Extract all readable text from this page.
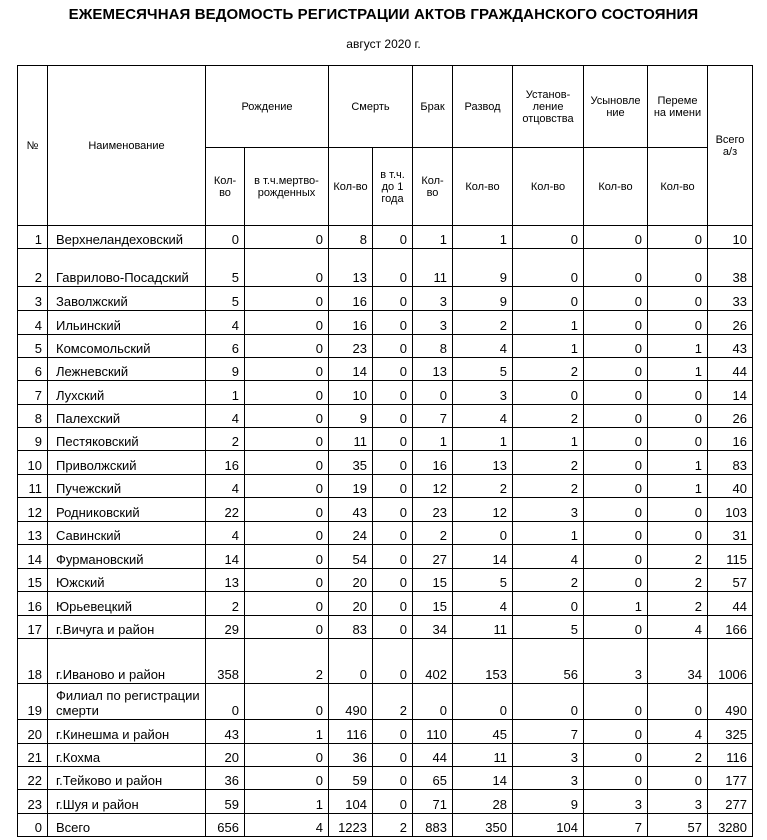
ЕЖЕМЕСЯЧНАЯ ВЕДОМОСТЬ РЕГИСТРАЦИИ АКТОВ ГРАЖДАНСКОГО СОСТОЯНИЯ
август 2020 г.
№	Наименование	Рождение		Смерть		Брак	Развод	Установ-ление отцовства	Усыновле ние	Переме на имени	Всего а/з
		Кол-во	в т.ч.мертво-рожденных	Кол-во	в т.ч. до 1 года	Кол-во	Кол-во	Кол-во	Кол-во	Кол-во	
1	Верхнеландеховский	0	0	8	0	1	1	0	0	0	10
2	Гаврилово-Посадский	5	0	13	0	11	9	0	0	0	38
3	Заволжский	5	0	16	0	3	9	0	0	0	33
4	Ильинский	4	0	16	0	3	2	1	0	0	26
5	Комсомольский	6	0	23	0	8	4	1	0	1	43
6	Лежневский	9	0	14	0	13	5	2	0	1	44
7	Лухский	1	0	10	0	0	3	0	0	0	14
8	Палехский	4	0	9	0	7	4	2	0	0	26
9	Пестяковский	2	0	11	0	1	1	1	0	0	16
10	Приволжский	16	0	35	0	16	13	2	0	1	83
11	Пучежский	4	0	19	0	12	2	2	0	1	40
12	Родниковский	22	0	43	0	23	12	3	0	0	103
13	Савинский	4	0	24	0	2	0	1	0	0	31
14	Фурмановский	14	0	54	0	27	14	4	0	2	115
15	Южский	13	0	20	0	15	5	2	0	2	57
16	Юрьевецкий	2	0	20	0	15	4	0	1	2	44
17	г.Вичуга и район	29	0	83	0	34	11	5	0	4	166
18	г.Иваново и район	358	2	0	0	402	153	56	3	34	1006
19	Филиал по регистрации смерти	0	0	490	2	0	0	0	0	0	490
20	г.Кинешма и район	43	1	116	0	110	45	7	0	4	325
21	г.Кохма	20	0	36	0	44	11	3	0	2	116
22	г.Тейково и район	36	0	59	0	65	14	3	0	0	177
23	г.Шуя и район	59	1	104	0	71	28	9	3	3	277
0	Всего	656	4	1223	2	883	350	104	7	57	3280
